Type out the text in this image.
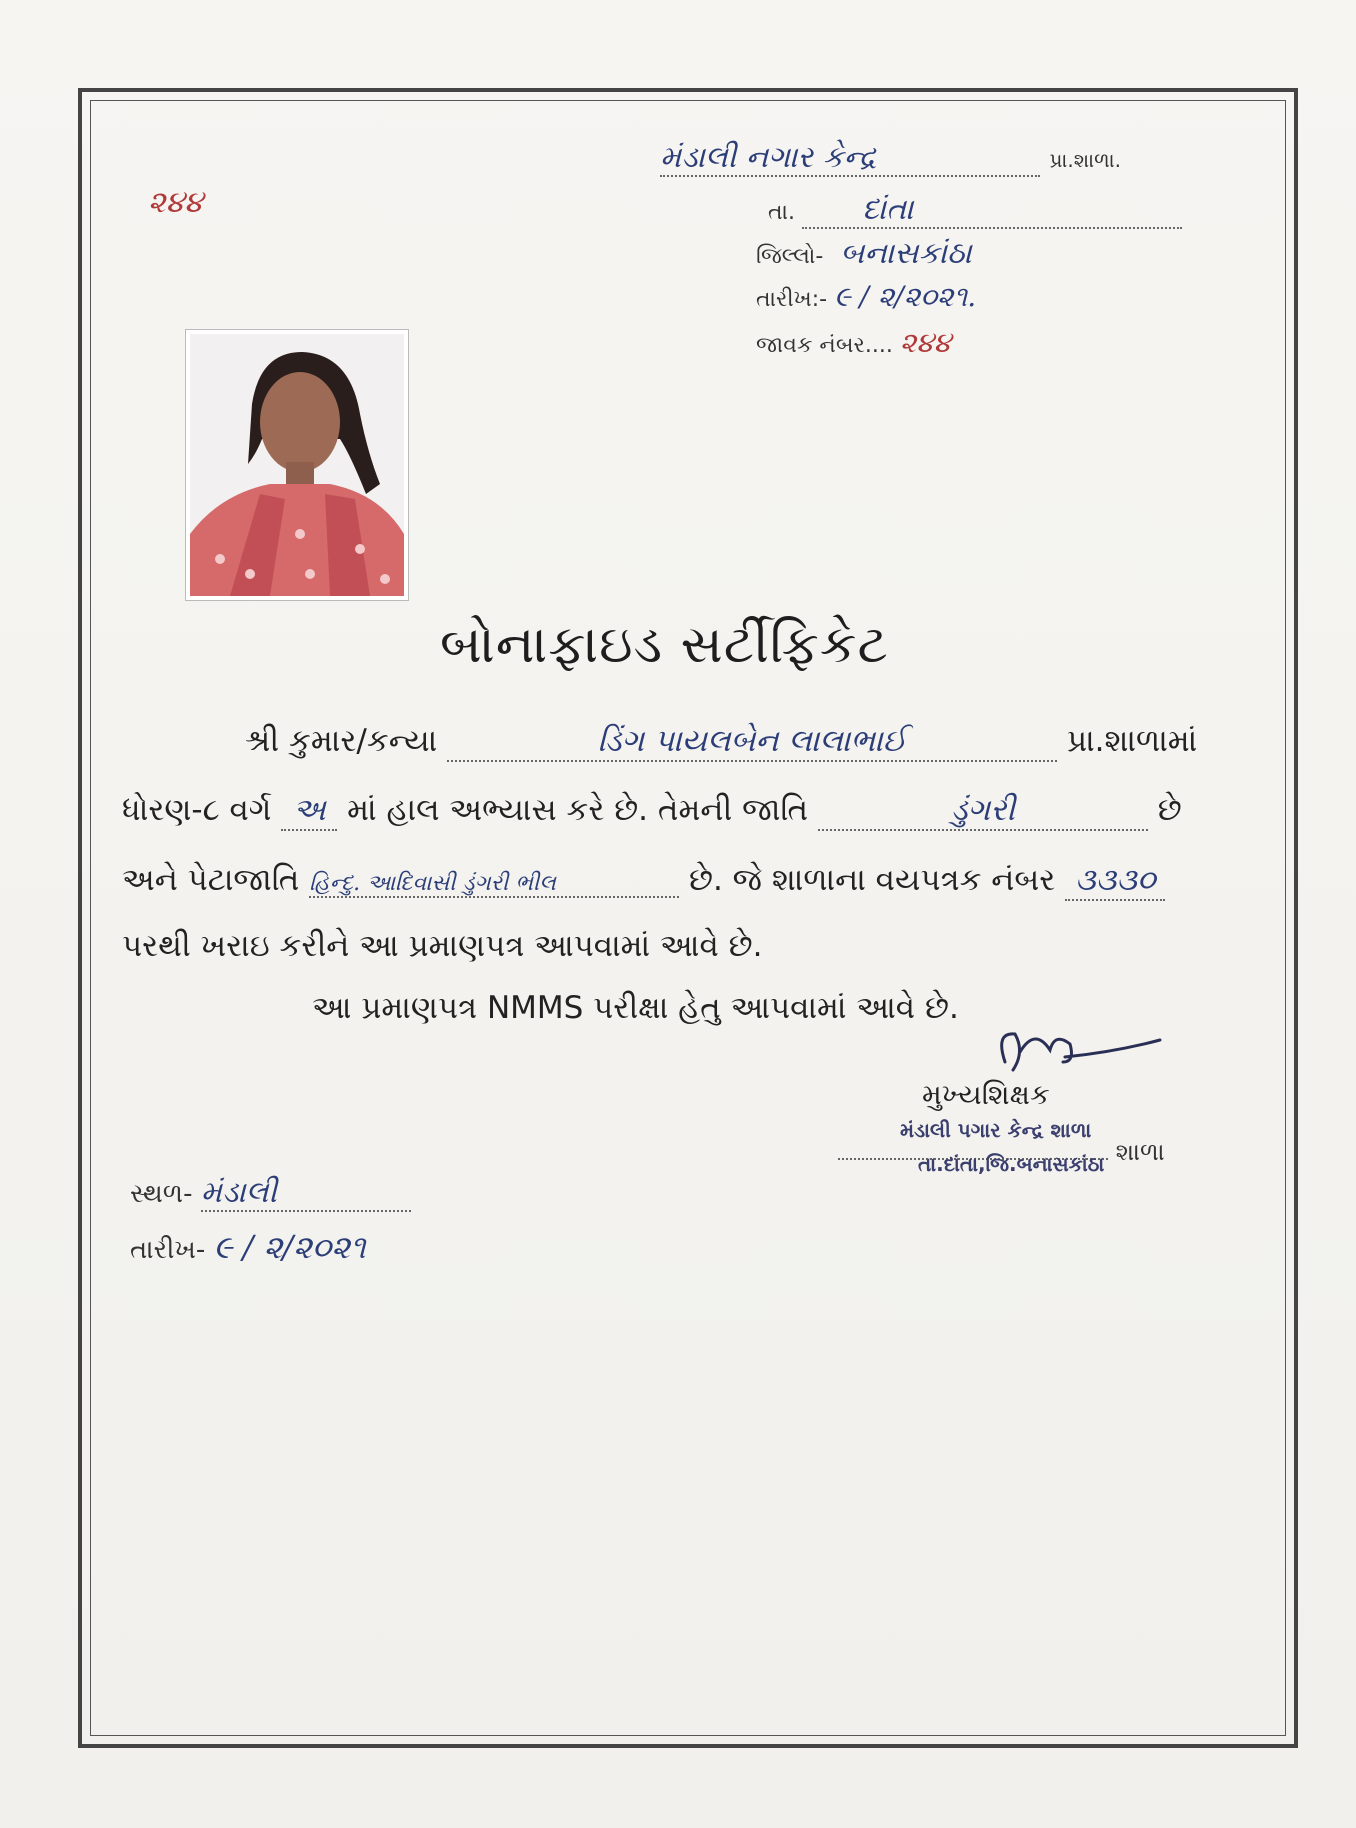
૨૪૪
મંડાલી નગાર કેન્દ્ર	પ્રા.શાળા.
તા. દાંતા
જિલ્લો- બનાસકાંઠા
તારીખ:- ૯ / ૨/૨૦૨૧.
જાવક નંબર.... ૨૪૪
બોનાફાઇડ સર્ટીફિકેટ
શ્રી કુમાર/કન્યા	ડિંગ પાયલબેન લાલાભાઈ	પ્રા.શાળામાં
ધોરણ-૮ વર્ગ અ માં હાલ અભ્યાસ કરે છે. તેમની જાતિ	ડુંગરી	છે
અને પેટાજાતિ હિન્દુ. આદિવાસી ડુંગરી ભીલ	છે. જે શાળાના વયપત્રક નંબર ૩૩૩૦
પરથી ખરાઇ કરીને આ પ્રમાણપત્ર આપવામાં આવે છે.
આ પ્રમાણપત્ર NMMS પરીક્ષા હેતુ આપવામાં આવે છે.
મુખ્યશિક્ષક
મંડાલી પગાર કેન્દ્ર શાળા
શાળા
તા.દાંતા,જિ.બનાસકાંઠા
સ્થળ- મંડાલી
તારીખ- ૯ / ૨/૨૦૨૧
